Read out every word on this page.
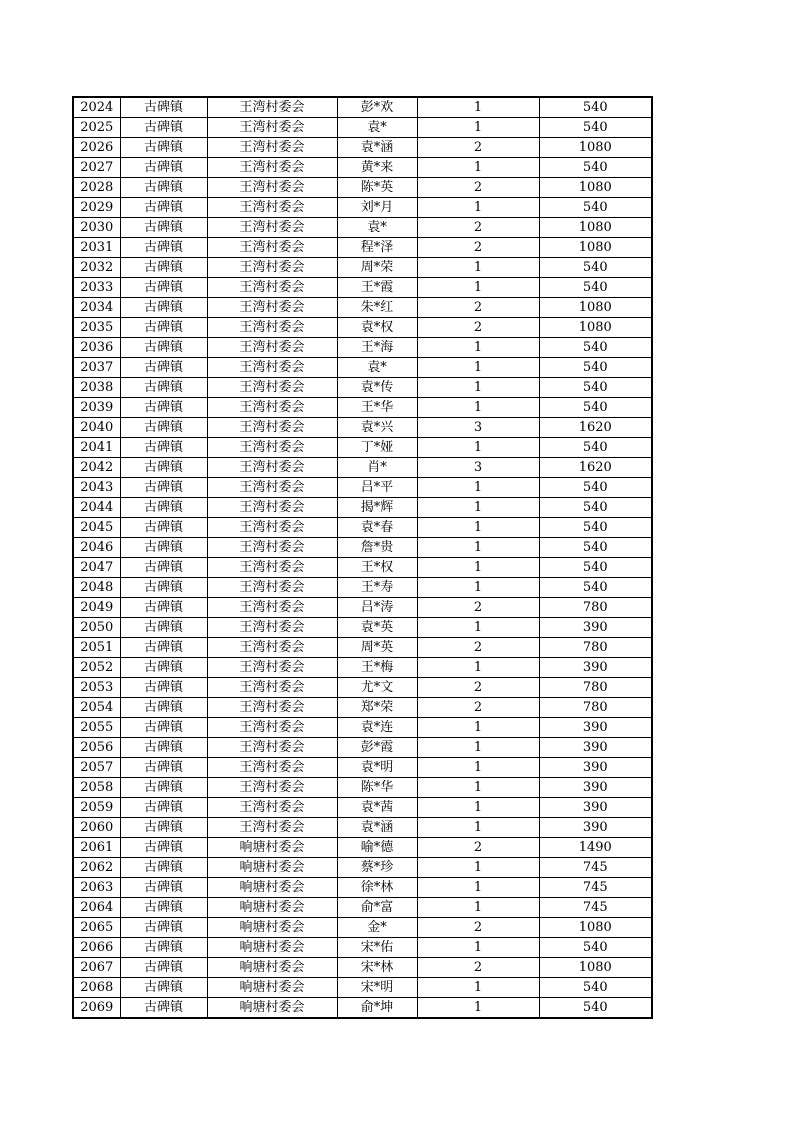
2024	古碑镇	王湾村委会	彭*欢	1	540
2025	古碑镇	王湾村委会	袁*	1	540
2026	古碑镇	王湾村委会	袁*涵	2	1080
2027	古碑镇	王湾村委会	黄*来	1	540
2028	古碑镇	王湾村委会	陈*英	2	1080
2029	古碑镇	王湾村委会	刘*月	1	540
2030	古碑镇	王湾村委会	袁*	2	1080
2031	古碑镇	王湾村委会	程*泽	2	1080
2032	古碑镇	王湾村委会	周*荣	1	540
2033	古碑镇	王湾村委会	王*霞	1	540
2034	古碑镇	王湾村委会	朱*红	2	1080
2035	古碑镇	王湾村委会	袁*权	2	1080
2036	古碑镇	王湾村委会	王*海	1	540
2037	古碑镇	王湾村委会	袁*	1	540
2038	古碑镇	王湾村委会	袁*传	1	540
2039	古碑镇	王湾村委会	王*华	1	540
2040	古碑镇	王湾村委会	袁*兴	3	1620
2041	古碑镇	王湾村委会	丁*娅	1	540
2042	古碑镇	王湾村委会	肖*	3	1620
2043	古碑镇	王湾村委会	吕*平	1	540
2044	古碑镇	王湾村委会	揭*辉	1	540
2045	古碑镇	王湾村委会	袁*春	1	540
2046	古碑镇	王湾村委会	詹*贵	1	540
2047	古碑镇	王湾村委会	王*权	1	540
2048	古碑镇	王湾村委会	王*寿	1	540
2049	古碑镇	王湾村委会	吕*涛	2	780
2050	古碑镇	王湾村委会	袁*英	1	390
2051	古碑镇	王湾村委会	周*英	2	780
2052	古碑镇	王湾村委会	王*梅	1	390
2053	古碑镇	王湾村委会	尤*文	2	780
2054	古碑镇	王湾村委会	郑*荣	2	780
2055	古碑镇	王湾村委会	袁*连	1	390
2056	古碑镇	王湾村委会	彭*霞	1	390
2057	古碑镇	王湾村委会	袁*明	1	390
2058	古碑镇	王湾村委会	陈*华	1	390
2059	古碑镇	王湾村委会	袁*茜	1	390
2060	古碑镇	王湾村委会	袁*涵	1	390
2061	古碑镇	响塘村委会	喻*德	2	1490
2062	古碑镇	响塘村委会	蔡*珍	1	745
2063	古碑镇	响塘村委会	徐*林	1	745
2064	古碑镇	响塘村委会	俞*富	1	745
2065	古碑镇	响塘村委会	金*	2	1080
2066	古碑镇	响塘村委会	宋*佑	1	540
2067	古碑镇	响塘村委会	宋*林	2	1080
2068	古碑镇	响塘村委会	宋*明	1	540
2069	古碑镇	响塘村委会	俞*坤	1	540
